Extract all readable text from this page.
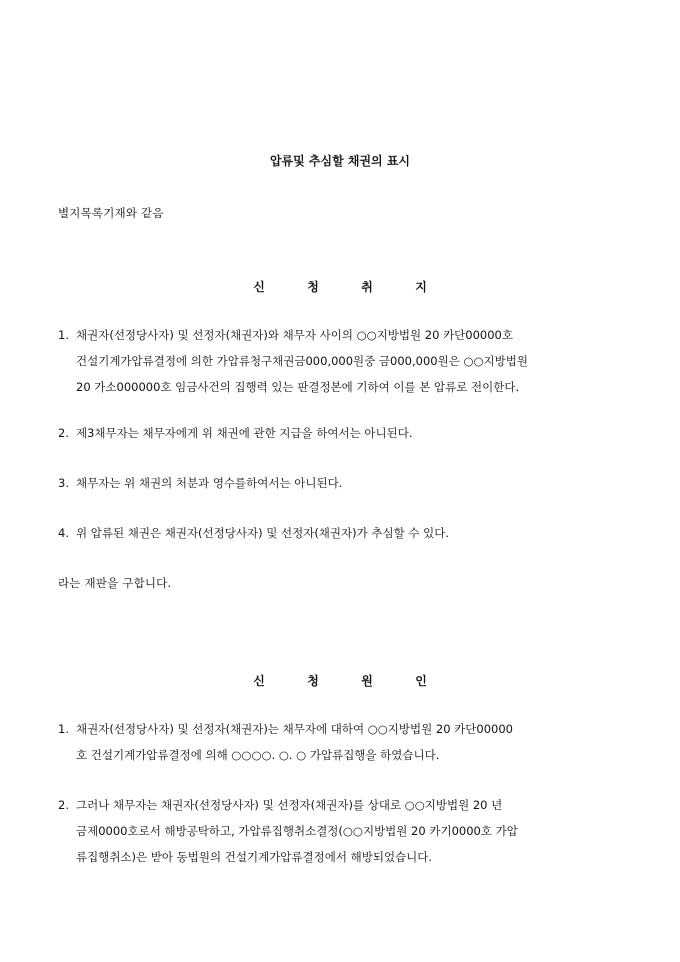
압류및 추심할 채권의 표시
별지목록기재와 같음
신	청	취	지
1. 채권자(선정당사자) 및 선정자(채권자)와 채무자 사이의 ○○지방법원 20 카단00000호
건설기계가압류결정에 의한 가압류청구채권금000,000원중 금000,000원은 ○○지방법원
20 가소000000호 임금사건의 집행력 있는 판결정본에 기하여 이를 본 압류로 전이한다.
2. 제3채무자는 채무자에게 위 채권에 관한 지급을 하여서는 아니된다.
3. 채무자는 위 채권의 처분과 영수를하여서는 아니된다.
4. 위 압류된 채권은 채권자(선정당사자) 및 선정자(채권자)가 추심할 수 있다.
라는 재판을 구합니다.
신	청	원	인
1. 채권자(선정당사자) 및 선정자(채권자)는 채무자에 대하여 ○○지방법원 20 카단00000
호 건설기계가압류결정에 의해 ○○○○. ○. ○ 가압류집행을 하였습니다.
2. 그러나 채무자는 채권자(선정당사자) 및 선정자(채권자)를 상대로 ○○지방법원 20 년
금제0000호로서 해방공탁하고, 가압류집행취소결정(○○지방법원 20 카기0000호 가압
류집행취소)은 받아 동법원의 건설기계가압류결정에서 해방되었습니다.
